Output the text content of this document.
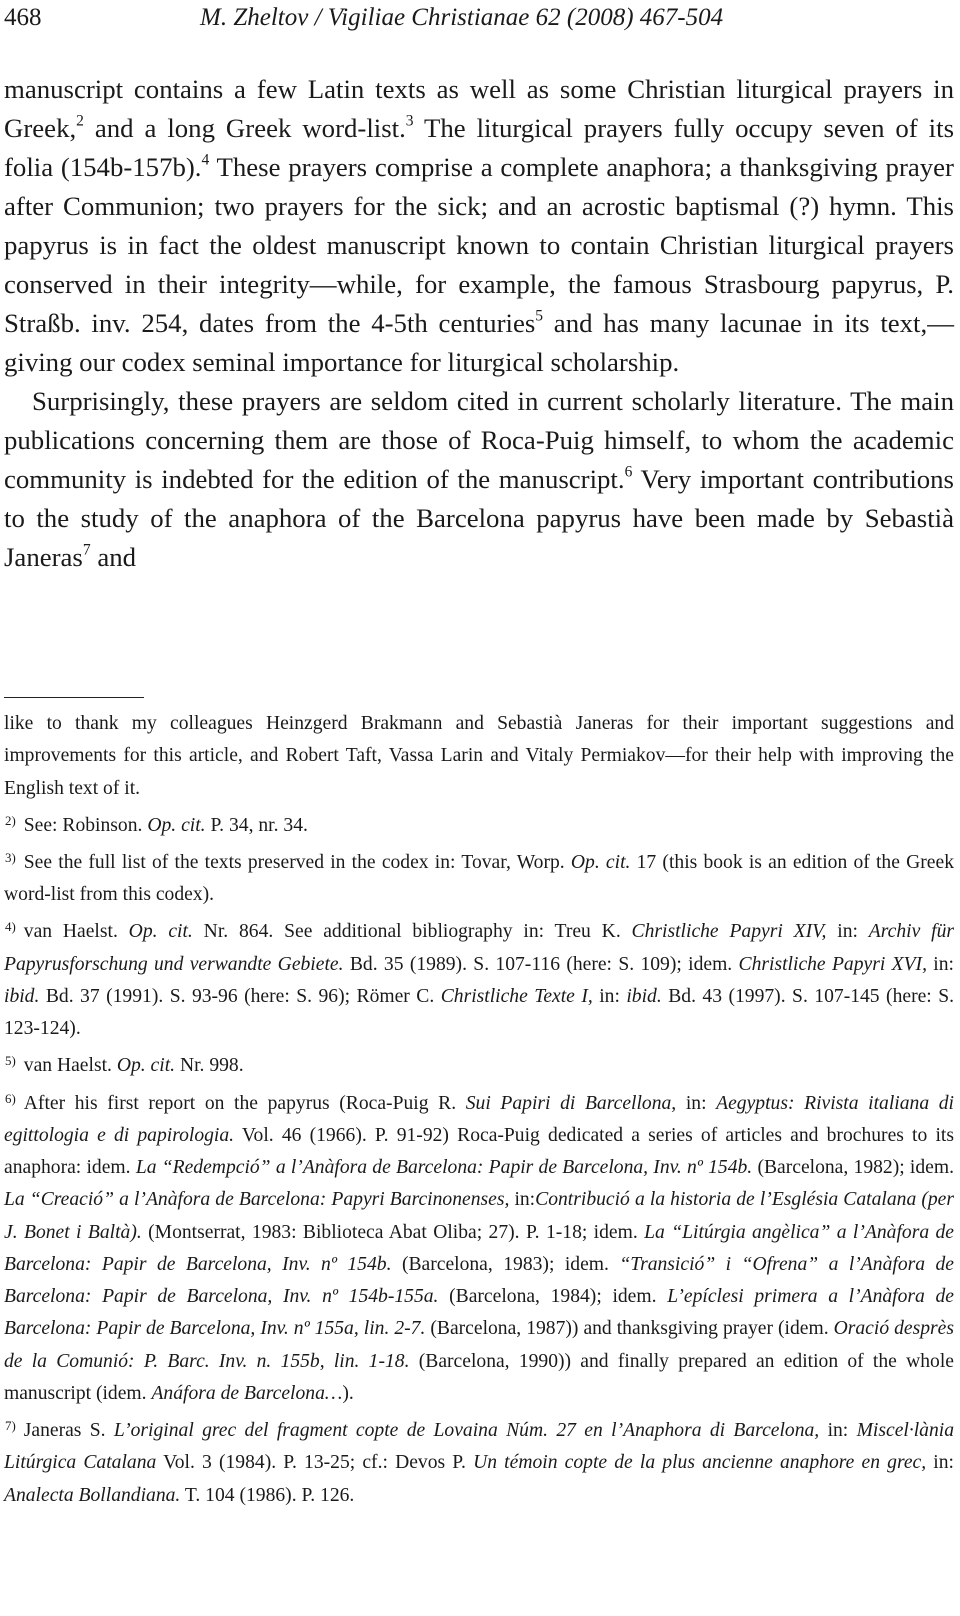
468	M. Zheltov / Vigiliae Christianae 62 (2008) 467-504

manuscript contains a few Latin texts as well as some Christian liturgical prayers in Greek,$^2$ and a long Greek word-list.$^3$ The liturgical prayers fully occupy seven of its folia (154b-157b).$^4$ These prayers comprise a complete anaphora; a thanksgiving prayer after Communion; two prayers for the sick; and an acrostic baptismal (?) hymn. This papyrus is in fact the oldest manuscript known to contain Christian liturgical prayers conserved in their integrity—while, for example, the famous Strasbourg papyrus, P. Straßb. inv. 254, dates from the 4-5th centuries$^5$ and has many lacunae in its text,—giving our codex seminal importance for liturgical scholarship.

Surprisingly, these prayers are seldom cited in current scholarly literature. The main publications concerning them are those of Roca-Puig himself, to whom the academic community is indebted for the edition of the manuscript.$^6$ Very important contributions to the study of the anaphora of the Barcelona papyrus have been made by Sebastià Janeras$^7$ and

like to thank my colleagues Heinzgerd Brakmann and Sebastià Janeras for their important suggestions and improvements for this article, and Robert Taft, Vassa Larin and Vitaly Permiakov—for their help with improving the English text of it.

$^{2)}$ See: Robinson. Op. cit. P. 34, nr. 34.

$^{3)}$ See the full list of the texts preserved in the codex in: Tovar, Worp. Op. cit. 17 (this book is an edition of the Greek word-list from this codex).

$^{4)}$ van Haelst. Op. cit. Nr. 864. See additional bibliography in: Treu K. Christliche Papyri XIV, in: Archiv für Papyrusforschung und verwandte Gebiete. Bd. 35 (1989). S. 107-116 (here: S. 109); idem. Christliche Papyri XVI, in: ibid. Bd. 37 (1991). S. 93-96 (here: S. 96); Römer C. Christliche Texte I, in: ibid. Bd. 43 (1997). S. 107-145 (here: S. 123-124).

$^{5)}$ van Haelst. Op. cit. Nr. 998.

$^{6)}$ After his first report on the papyrus (Roca-Puig R. Sui Papiri di Barcellona, in: Aegyptus: Rivista italiana di egittologia e di papirologia. Vol. 46 (1966). P. 91-92) Roca-Puig dedicated a series of articles and brochures to its anaphora: idem. La “Redempció” a l’Anàfora de Barcelona: Papir de Barcelona, Inv. nº 154b. (Barcelona, 1982); idem. La “Creació” a l’Anàfora de Barcelona: Papyri Barcinonenses, in:Contribució a la historia de l’Església Catalana (per J. Bonet i Baltà). (Montserrat, 1983: Biblioteca Abat Oliba; 27). P. 1-18; idem. La “Litúrgia angèlica” a l’Anàfora de Barcelona: Papir de Barcelona, Inv. nº 154b. (Barcelona, 1983); idem. “Transició” i “Ofrena” a l’Anàfora de Barcelona: Papir de Barcelona, Inv. nº 154b-155a. (Barcelona, 1984); idem. L’epíclesi primera a l’Anàfora de Barcelona: Papir de Barcelona, Inv. nº 155a, lin. 2-7. (Barcelona, 1987)) and thanksgiving prayer (idem. Oració desprès de la Comunió: P. Barc. Inv. n. 155b, lin. 1-18. (Barcelona, 1990)) and finally prepared an edition of the whole manuscript (idem. Anáfora de Barcelona…).

$^{7)}$ Janeras S. L’original grec del fragment copte de Lovaina Núm. 27 en l’Anaphora di Barcelona, in: Miscel·lània Litúrgica Catalana Vol. 3 (1984). P. 13-25; cf.: Devos P. Un témoin copte de la plus ancienne anaphore en grec, in: Analecta Bollandiana. T. 104 (1986). P. 126.
